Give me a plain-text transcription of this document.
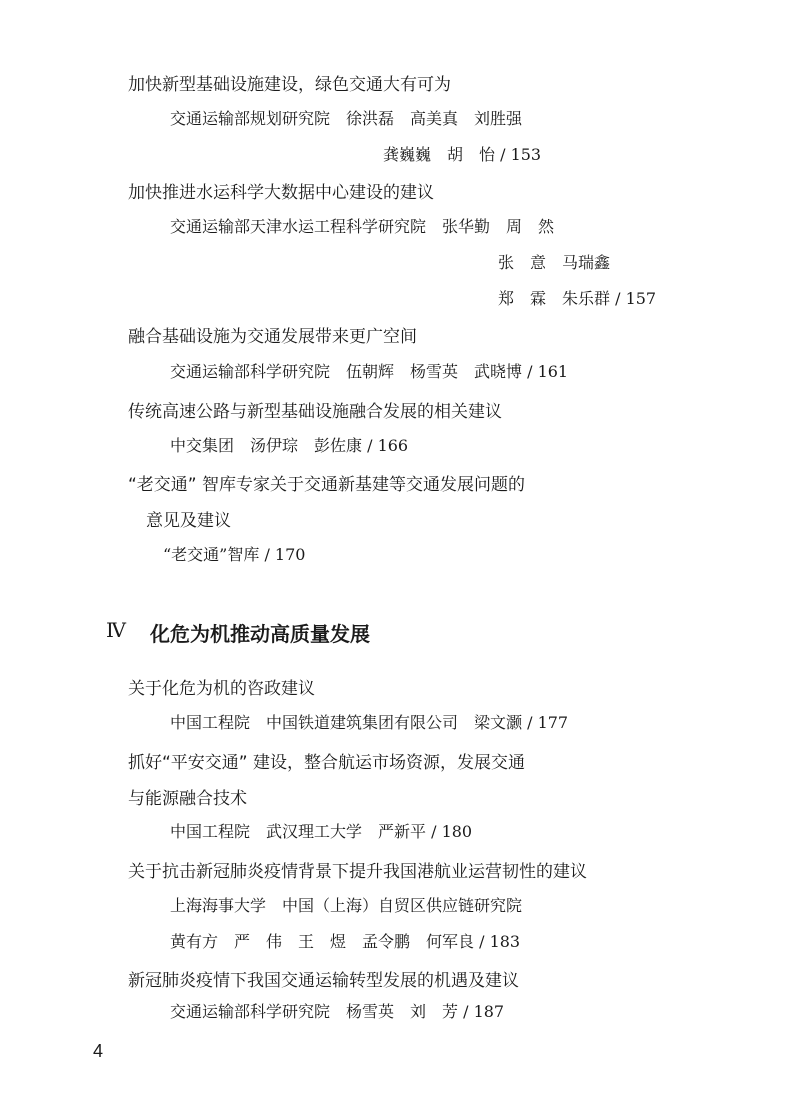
加快新型基础设施建设，绿色交通大有可为
交通运输部规划研究院　徐洪磊　高美真　刘胜强
龚巍巍　胡　怡 / 153
加快推进水运科学大数据中心建设的建议
交通运输部天津水运工程科学研究院　张华勤　周　然
张　意　马瑞鑫
郑　霖　朱乐群 / 157
融合基础设施为交通发展带来更广空间
交通运输部科学研究院　伍朝辉　杨雪英　武晓博 / 161
传统高速公路与新型基础设施融合发展的相关建议
中交集团　汤伊琮　彭佐康 / 166
“老交通” 智库专家关于交通新基建等交通发展问题的
意见及建议
“老交通”智库 / 170
Ⅳ 化危为机推动高质量发展
关于化危为机的咨政建议
中国工程院　中国铁道建筑集团有限公司　梁文灏 / 177
抓好“平安交通” 建设，整合航运市场资源，发展交通
与能源融合技术
中国工程院　武汉理工大学　严新平 / 180
关于抗击新冠肺炎疫情背景下提升我国港航业运营韧性的建议
上海海事大学　中国（上海）自贸区供应链研究院
黄有方　严　伟　王　煜　孟令鹏　何军良 / 183
新冠肺炎疫情下我国交通运输转型发展的机遇及建议
交通运输部科学研究院　杨雪英　刘　芳 / 187
4
